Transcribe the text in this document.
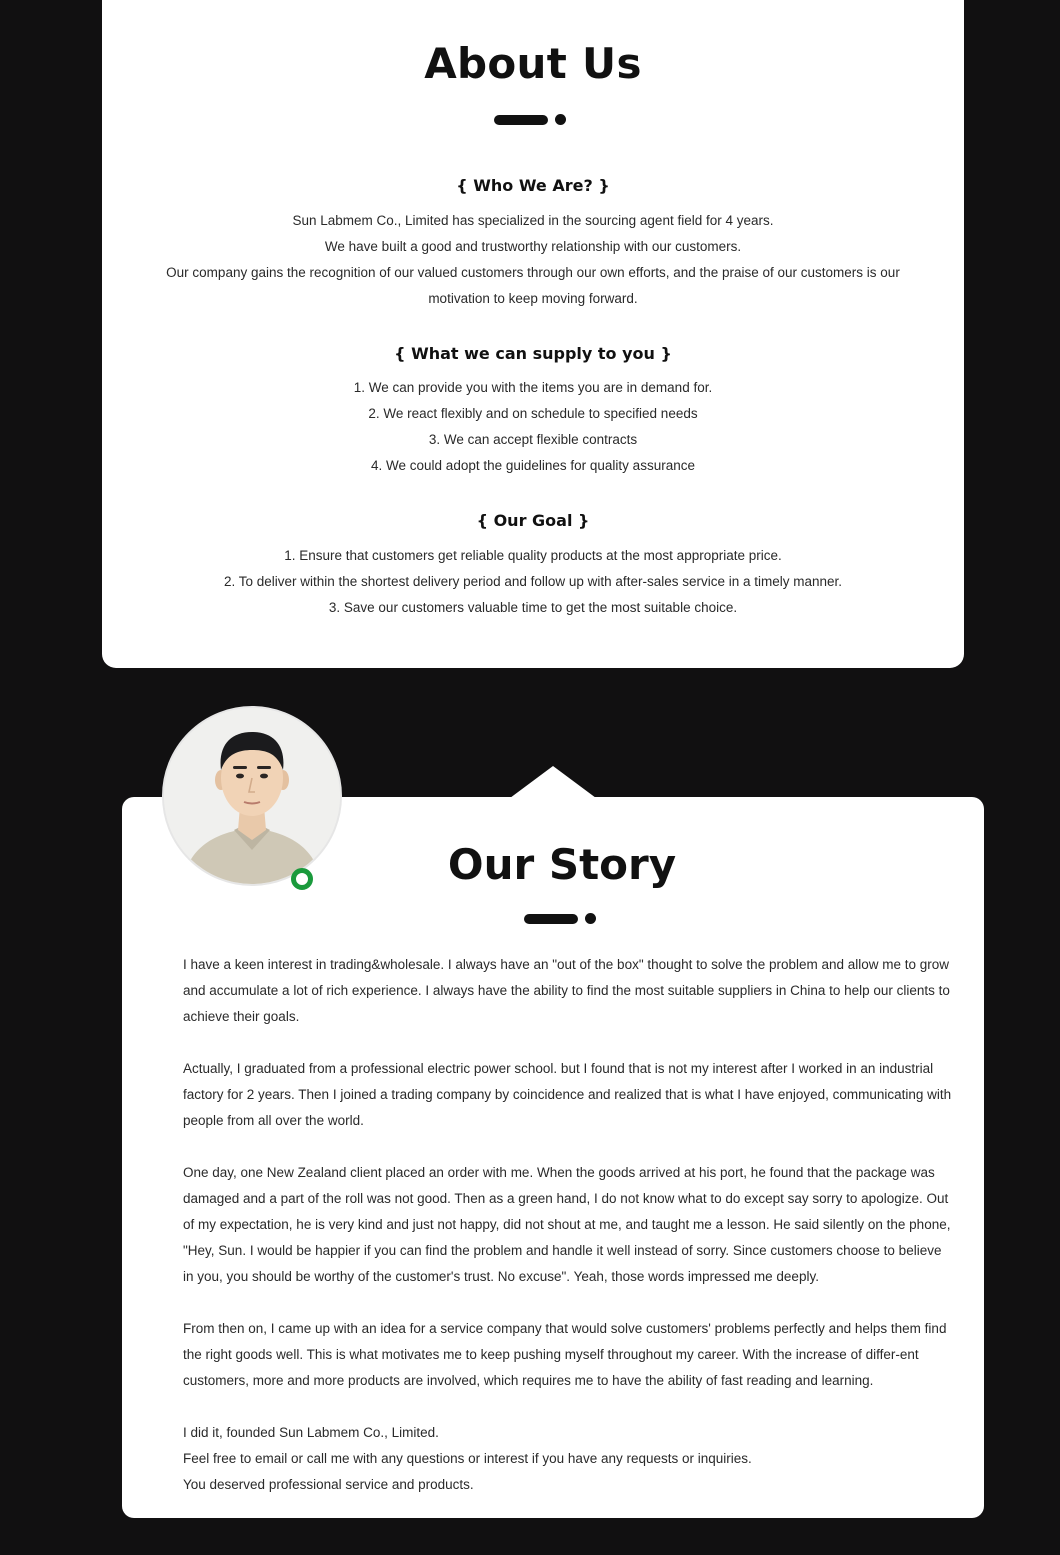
About Us
{ Who We Are? }

Sun Labmem Co., Limited has specialized in the sourcing agent field for 4 years.

We have built a good and trustworthy relationship with our customers.

Our company gains the recognition of our valued customers through our own efforts, and the praise of our customers is our motivation to keep moving forward.

{ What we can supply to you }

1. We can provide you with the items you are in demand for.

2. We react flexibly and on schedule to specified needs

3. We can accept flexible contracts

4. We could adopt the guidelines for quality assurance

{ Our Goal }

1. Ensure that customers get reliable quality products at the most appropriate price.

2. To deliver within the shortest delivery period and follow up with after-sales service in a timely manner.

3. Save our customers valuable time to get the most suitable choice.

Our Story

I have a keen interest in trading&wholesale. I always have an "out of the box" thought to solve the problem and allow me to grow and accumulate a lot of rich experience. I always have the ability to find the most suitable suppliers in China to help our clients to achieve their goals.

Actually, I graduated from a professional electric power school. but I found that is not my interest after I worked in an industrial factory for 2 years. Then I joined a trading company by coincidence and realized that is what I have enjoyed, communicating with people from all over the world.

One day, one New Zealand client placed an order with me. When the goods arrived at his port, he found that the package was damaged and a part of the roll was not good. Then as a green hand, I do not know what to do except say sorry to apologize. Out of my expectation, he is very kind and just not happy, did not shout at me, and taught me a lesson. He said silently on the phone, "Hey, Sun. I would be happier if you can find the problem and handle it well instead of sorry. Since customers choose to believe in you, you should be worthy of the customer's trust. No excuse". Yeah, those words impressed me deeply.

From then on, I came up with an idea for a service company that would solve customers' problems perfectly and helps them find the right goods well. This is what motivates me to keep pushing myself throughout my career. With the increase of differ-ent customers, more and more products are involved, which requires me to have the ability of fast reading and learning.

I did it, founded Sun Labmem Co., Limited.
Feel free to email or call me with any questions or interest if you have any requests or inquiries.
You deserved professional service and products.
